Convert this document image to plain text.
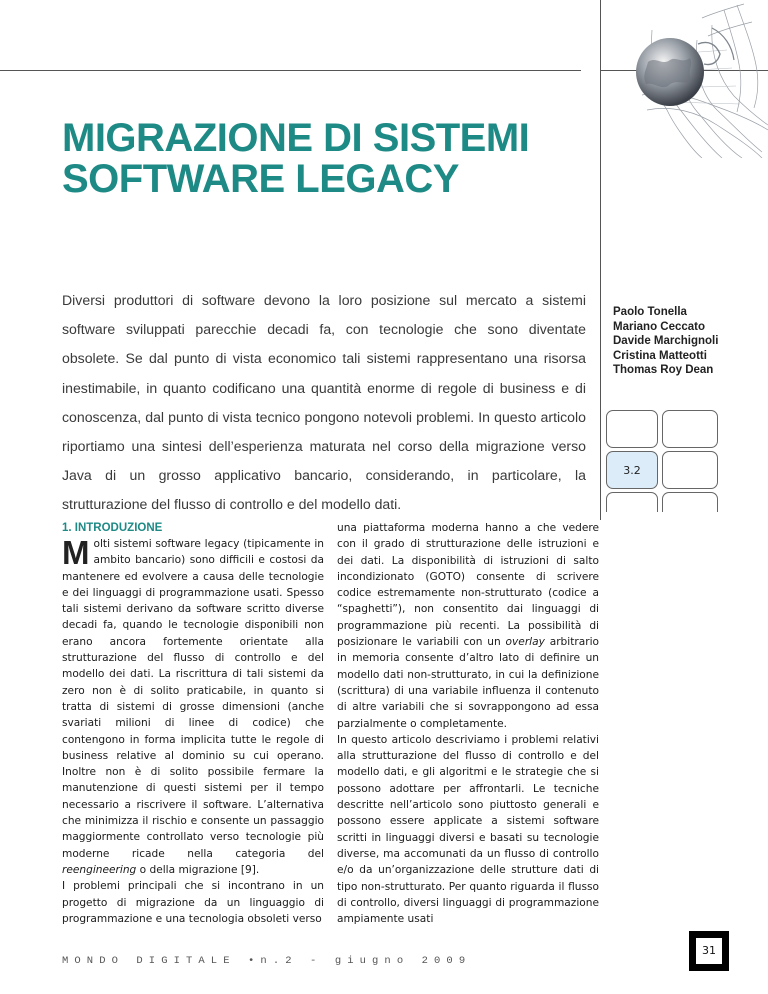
MIGRAZIONE DI SISTEMI
SOFTWARE LEGACY
Diversi produttori di software devono la loro posizione sul mercato a sistemi software sviluppati parecchie decadi fa, con tecnologie che sono diventate obsolete. Se dal punto di vista economico tali sistemi rappresentano una risorsa inestimabile, in quanto codificano una quantità enorme di regole di business e di conoscenza, dal punto di vista tecnico pongono notevoli problemi. In questo articolo riportiamo una sintesi dell’esperienza maturata nel corso della migrazione verso Java di un grosso applicativo bancario, considerando, in particolare, la strutturazione del flusso di controllo e del modello dati.
Paolo Tonella
Mariano Ceccato
Davide Marchignoli
Cristina Matteotti
Thomas Roy Dean
3.2
1. INTRODUZIONE

Molti sistemi software legacy (tipicamente in ambito bancario) sono difficili e costosi da mantenere ed evolvere a causa delle tecnologie e dei linguaggi di programmazione usati. Spesso tali sistemi derivano da software scritto diverse decadi fa, quando le tecnologie disponibili non erano ancora fortemente orientate alla strutturazione del flusso di controllo e del modello dei dati. La riscrittura di tali sistemi da zero non è di solito praticabile, in quanto si tratta di sistemi di grosse dimensioni (anche svariati milioni di linee di codice) che contengono in forma implicita tutte le regole di business relative al dominio su cui operano. Inoltre non è di solito possibile fermare la manutenzione di questi sistemi per il tempo necessario a riscrivere il software. L’alternativa che minimizza il rischio e consente un passaggio maggiormente controllato verso tecnologie più moderne ricade nella categoria del reengineering o della migrazione [9].

I problemi principali che si incontrano in un progetto di migrazione da un linguaggio di programmazione e una tecnologia obsoleti verso

una piattaforma moderna hanno a che vedere con il grado di strutturazione delle istruzioni e dei dati. La disponibilità di istruzioni di salto incondizionato (GOTO) consente di scrivere codice estremamente non-strutturato (codice a “spaghetti”), non consentito dai linguaggi di programmazione più recenti. La possibilità di posizionare le variabili con un overlay arbitrario in memoria consente d’altro lato di definire un modello dati non-strutturato, in cui la definizione (scrittura) di una variabile influenza il contenuto di altre variabili che si sovrappongono ad essa parzialmente o completamente.

In questo articolo descriviamo i problemi relativi alla strutturazione del flusso di controllo e del modello dati, e gli algoritmi e le strategie che si possono adottare per affrontarli. Le tecniche descritte nell’articolo sono piuttosto generali e possono essere applicate a sistemi software scritti in linguaggi diversi e basati su tecnologie diverse, ma accomunati da un flusso di controllo e/o da un’organizzazione delle strutture dati di tipo non-strutturato. Per quanto riguarda il flusso di controllo, diversi linguaggi di programmazione ampiamente usati

MONDO DIGITALE •n.2 - giugno 2009
31
